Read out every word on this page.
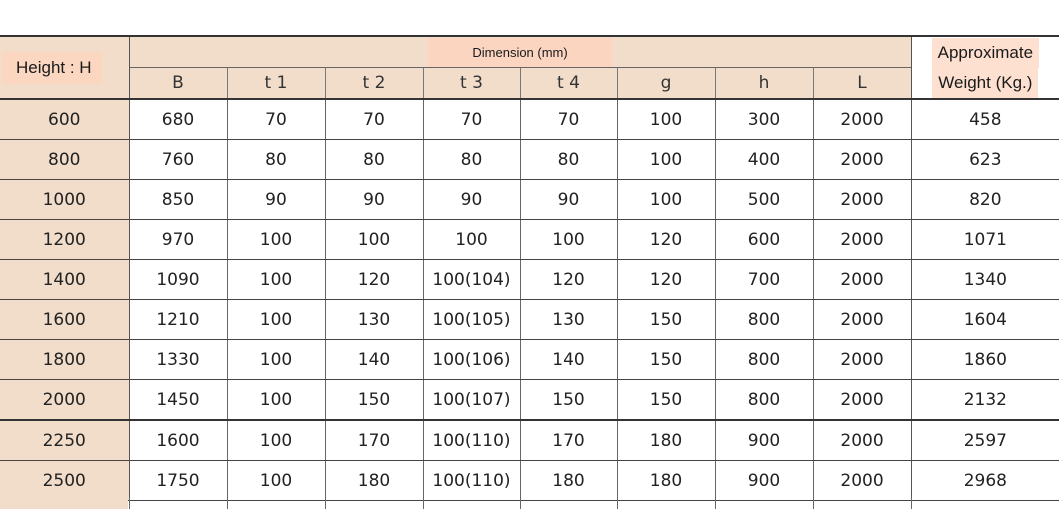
Height : H	Dimension (mm)								Approximate
Weight (Kg.)
	B	t 1	t 2	t 3	t 4	g	h	L	
600	680	70	70	70	70	100	300	2000	458
800	760	80	80	80	80	100	400	2000	623
1000	850	90	90	90	90	100	500	2000	820
1200	970	100	100	100	100	120	600	2000	1071
1400	1090	100	120	100(104)	120	120	700	2000	1340
1600	1210	100	130	100(105)	130	150	800	2000	1604
1800	1330	100	140	100(106)	140	150	800	2000	1860
2000	1450	100	150	100(107)	150	150	800	2000	2132
2250	1600	100	170	100(110)	170	180	900	2000	2597
2500	1750	100	180	100(110)	180	180	900	2000	2968
